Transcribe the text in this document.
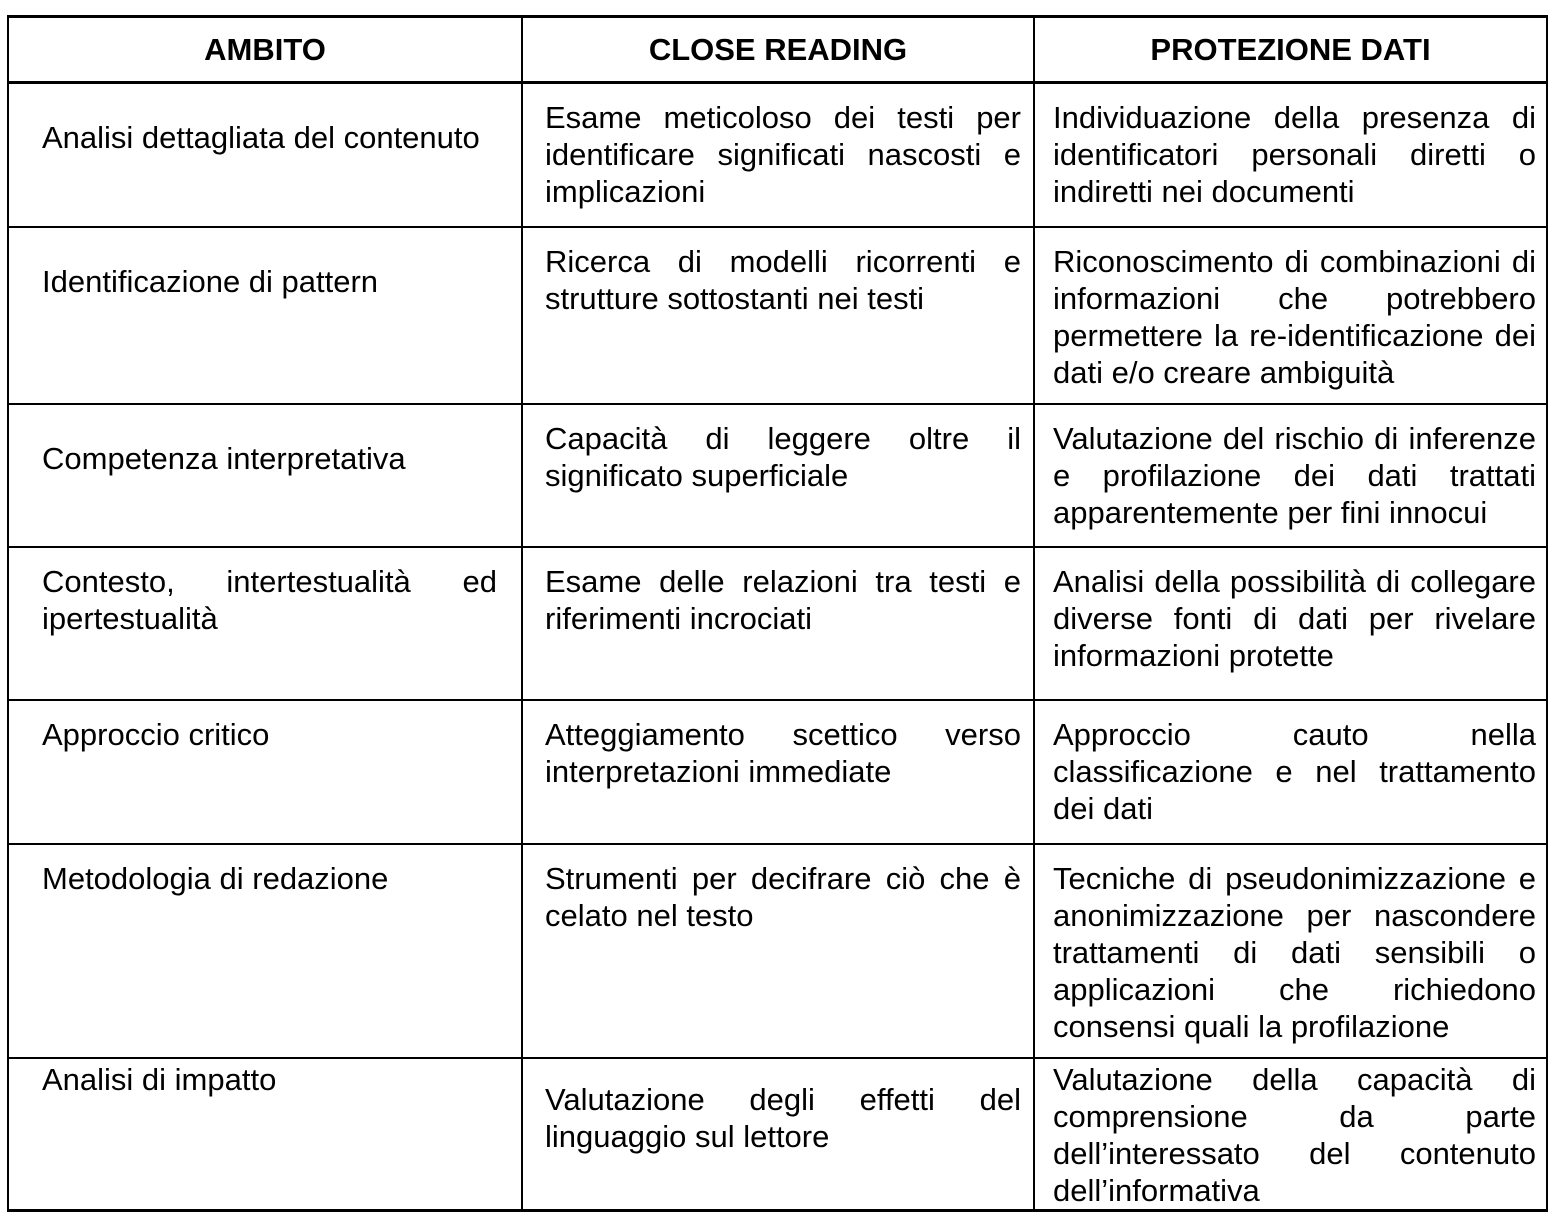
AMBITO	CLOSE READING	PROTEZIONE DATI
Analisi dettagliata del contenuto	Esame meticoloso dei testi per identificare significati nascosti e implicazioni	Individuazione della presenza di identificatori personali diretti o indiretti nei documenti
Identificazione di pattern	Ricerca di modelli ricorrenti e strutture sottostanti nei testi	Riconoscimento di combinazioni di informazioni che potrebbero permettere la re-identificazione dei dati e/o creare ambiguità
Competenza interpretativa	Capacità di leggere oltre il significato superficiale	Valutazione del rischio di inferenze e profilazione dei dati trattati apparentemente per fini innocui
Contesto, intertestualità ed ipertestualità	Esame delle relazioni tra testi e riferimenti incrociati	Analisi della possibilità di collegare diverse fonti di dati per rivelare informazioni protette
Approccio critico	Atteggiamento scettico verso interpretazioni immediate	Approccio cauto nella classificazione e nel trattamento dei dati
Metodologia di redazione	Strumenti per decifrare ciò che è celato nel testo	Tecniche di pseudonimizzazione e anonimizzazione per nascondere trattamenti di dati sensibili o applicazioni che richiedono consensi quali la profilazione
Analisi di impatto	Valutazione degli effetti del linguaggio sul lettore	Valutazione della capacità di comprensione da parte dell’interessato del contenuto dell’informativa
